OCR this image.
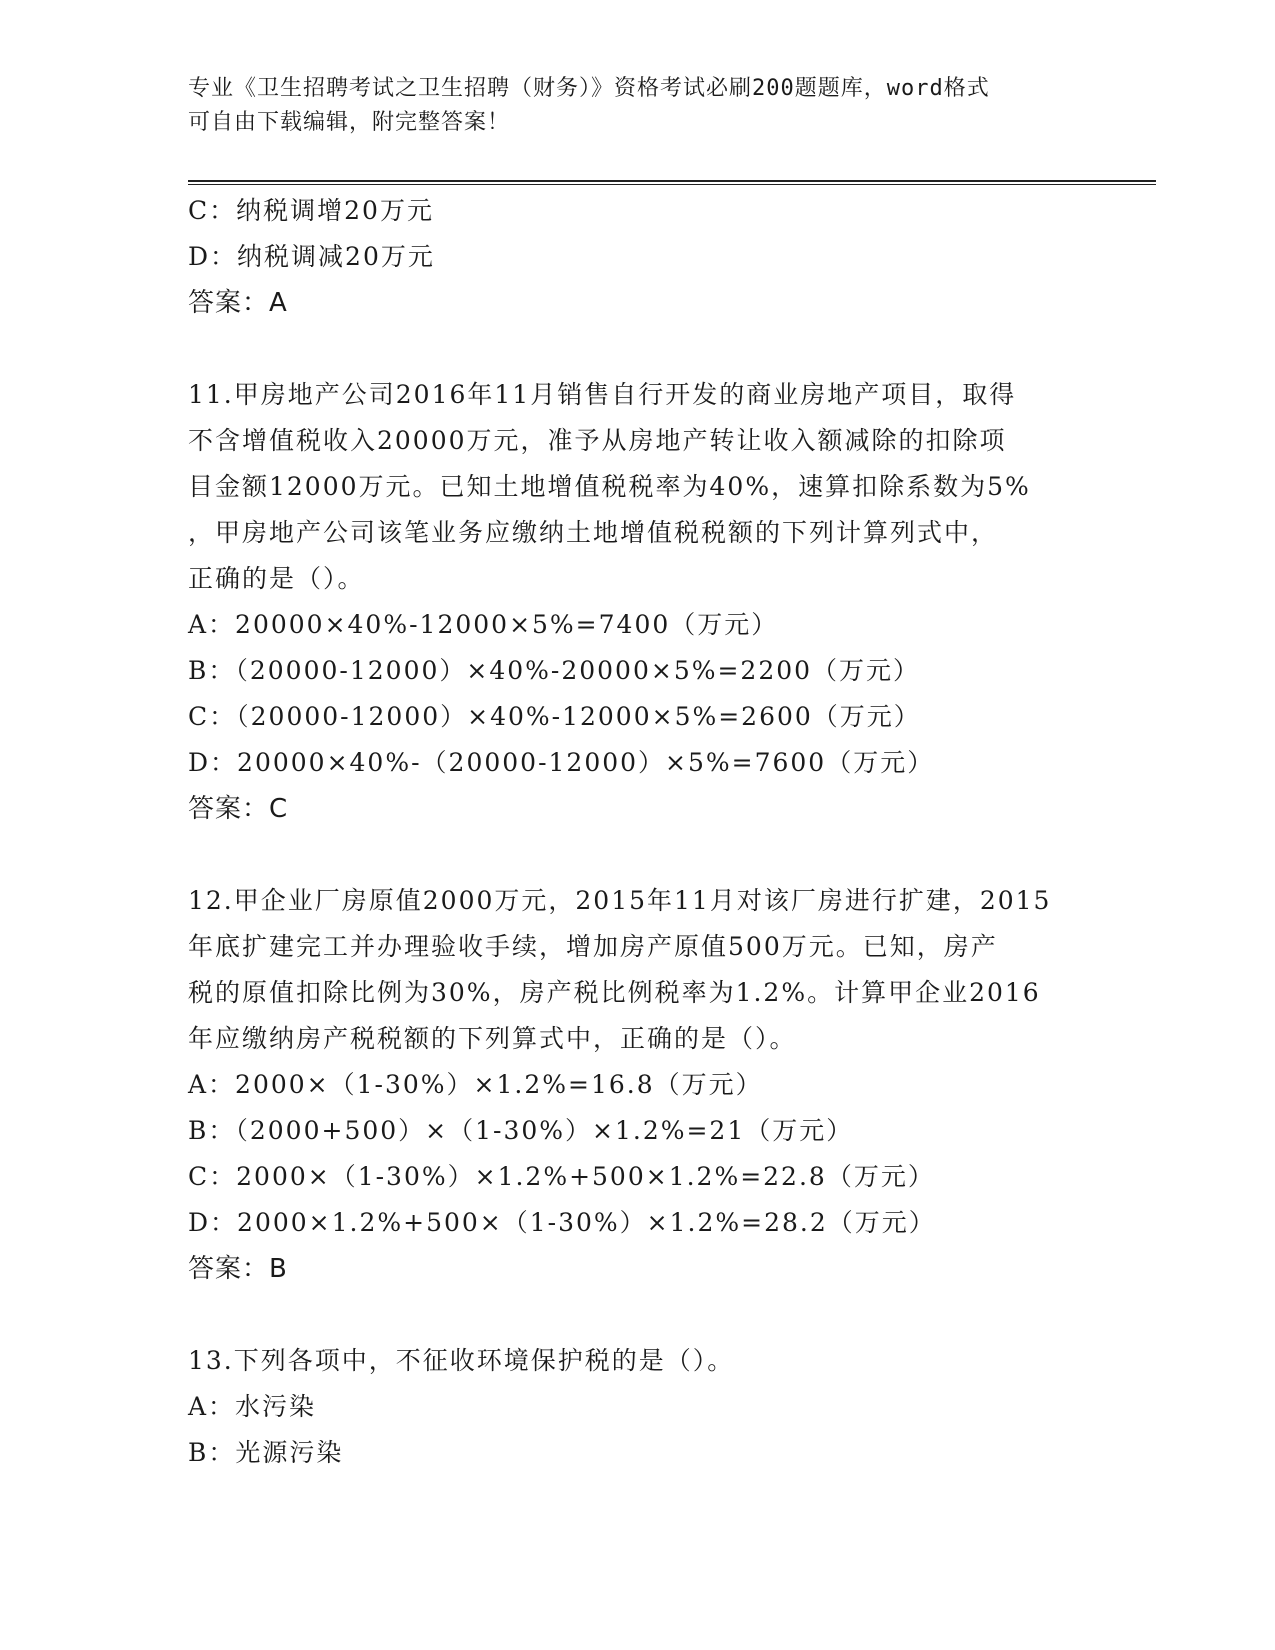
专业《卫生招聘考试之卫生招聘（财务）》资格考试必刷200题题库，word格式
可自由下载编辑，附完整答案！
C：纳税调增20万元
D：纳税调减20万元
答案：A
11.甲房地产公司2016年11月销售自行开发的商业房地产项目，取得
不含增值税收入20000万元，准予从房地产转让收入额减除的扣除项
目金额12000万元。已知土地增值税税率为40%，速算扣除系数为5%
，甲房地产公司该笔业务应缴纳土地增值税税额的下列计算列式中，
正确的是（）。
A：20000×40%-12000×5%=7400（万元）
B：（20000-12000）×40%-20000×5%=2200（万元）
C：（20000-12000）×40%-12000×5%=2600（万元）
D：20000×40%-（20000-12000）×5%=7600（万元）
答案：C
12.甲企业厂房原值2000万元，2015年11月对该厂房进行扩建，2015
年底扩建完工并办理验收手续，增加房产原值500万元。已知，房产
税的原值扣除比例为30%，房产税比例税率为1.2%。计算甲企业2016
年应缴纳房产税税额的下列算式中，正确的是（）。
A：2000×（1-30%）×1.2%=16.8（万元）
B：（2000+500）×（1-30%）×1.2%=21（万元）
C：2000×（1-30%）×1.2%+500×1.2%=22.8（万元）
D：2000×1.2%+500×（1-30%）×1.2%=28.2（万元）
答案：B
13.下列各项中，不征收环境保护税的是（）。
A：水污染
B：光源污染
